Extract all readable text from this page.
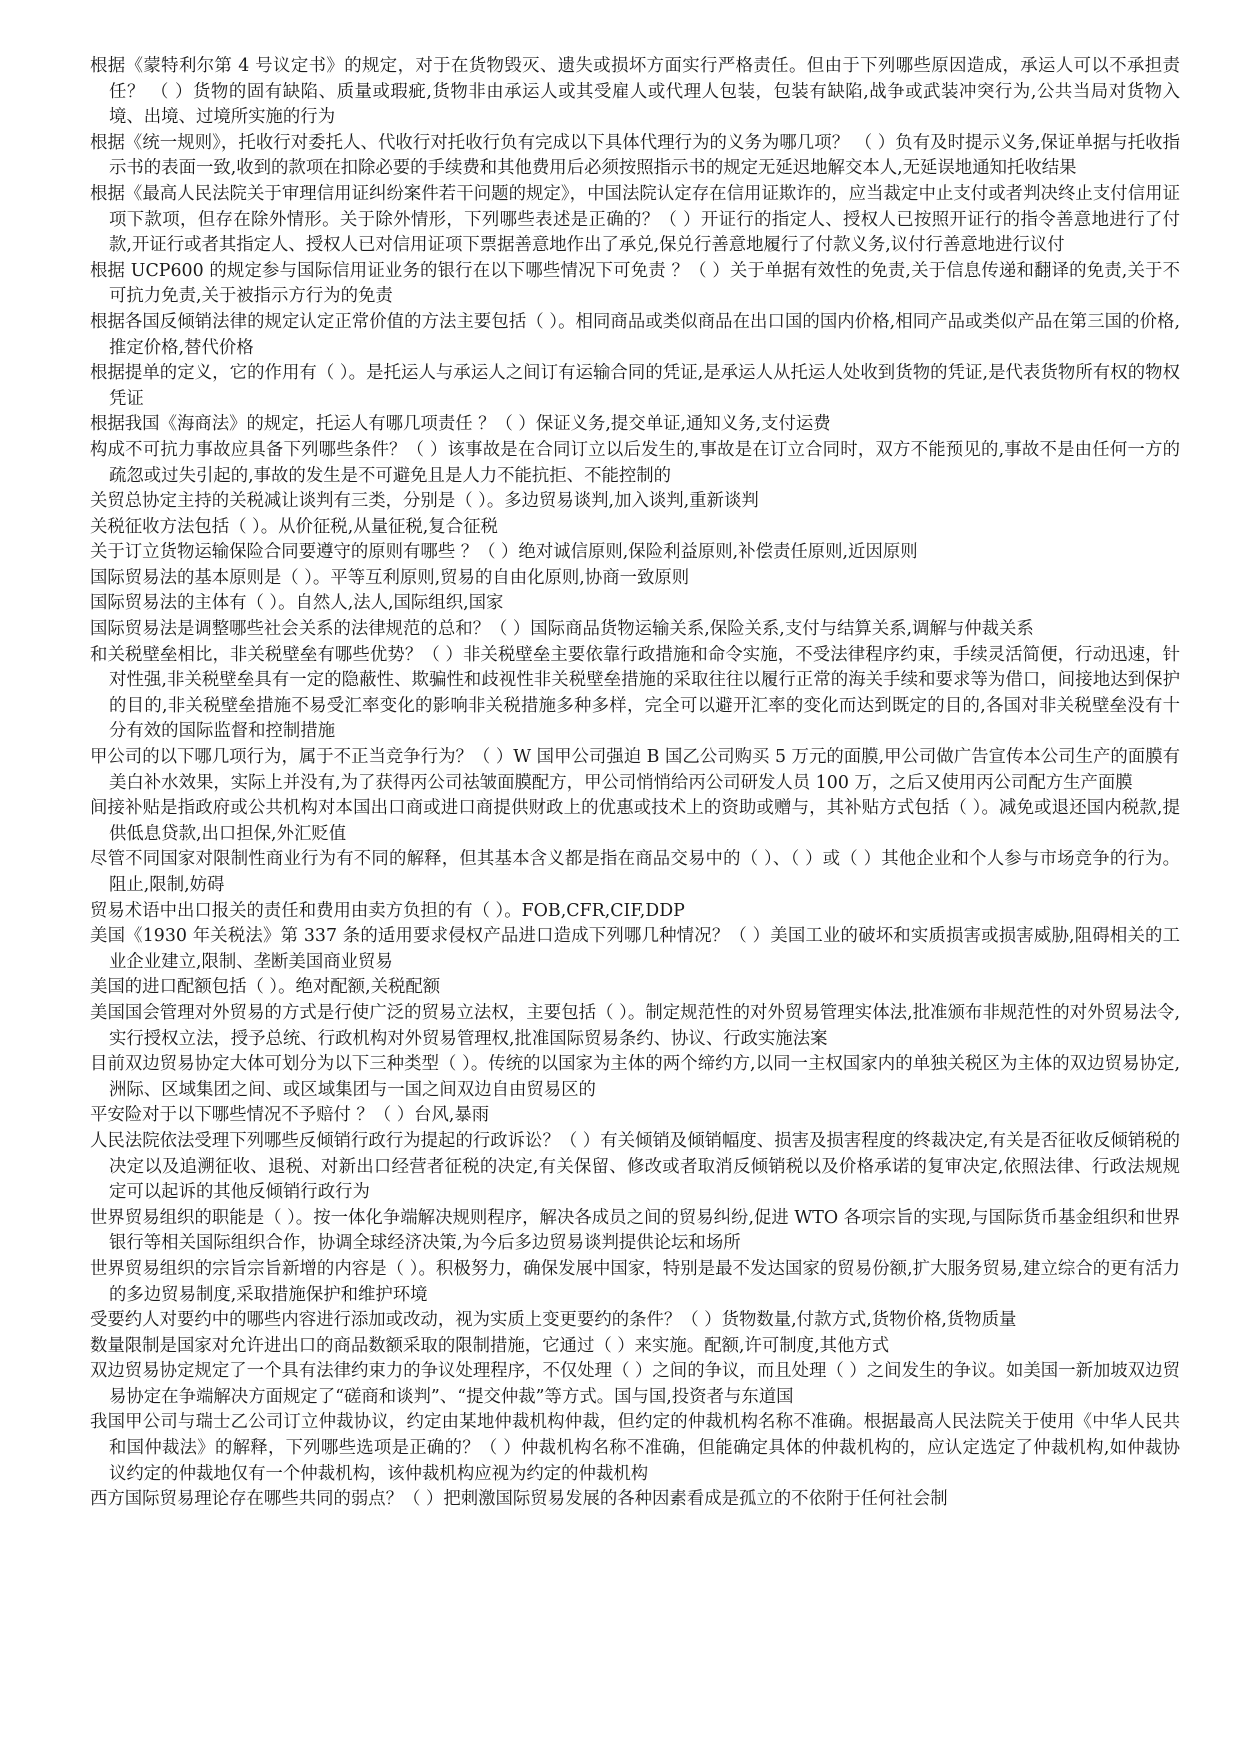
根据《蒙特利尔第 4 号议定书》的规定，对于在货物毁灭、遗失或损坏方面实行严格责任。但由于下列哪些原因造成，承运人可以不承担责任？ （ ）货物的固有缺陷、质量或瑕疵,货物非由承运人或其受雇人或代理人包装，包装有缺陷,战争或武装冲突行为,公共当局对货物入境、出境、过境所实施的行为

根据《统一规则》，托收行对委托人、代收行对托收行负有完成以下具体代理行为的义务为哪几项？ （ ）负有及时提示义务,保证单据与托收指示书的表面一致,收到的款项在扣除必要的手续费和其他费用后必须按照指示书的规定无延迟地解交本人,无延误地通知托收结果

根据《最高人民法院关于审理信用证纠纷案件若干问题的规定》，中国法院认定存在信用证欺诈的，应当裁定中止支付或者判决终止支付信用证项下款项，但存在除外情形。关于除外情形，下列哪些表述是正确的？（ ）开证行的指定人、授权人已按照开证行的指令善意地进行了付款,开证行或者其指定人、授权人已对信用证项下票据善意地作出了承兑,保兑行善意地履行了付款义务,议付行善意地进行议付

根据 UCP600 的规定参与国际信用证业务的银行在以下哪些情况下可免责 ？（ ）关于单据有效性的免责,关于信息传递和翻译的免责,关于不可抗力免责,关于被指示方行为的免责

根据各国反倾销法律的规定认定正常价值的方法主要包括（ ）。相同商品或类似商品在出口国的国内价格,相同产品或类似产品在第三国的价格,推定价格,替代价格

根据提单的定义，它的作用有（ ）。是托运人与承运人之间订有运输合同的凭证,是承运人从托运人处收到货物的凭证,是代表货物所有权的物权凭证

根据我国《海商法》的规定，托运人有哪几项责任 ？（ ）保证义务,提交单证,通知义务,支付运费

构成不可抗力事故应具备下列哪些条件？（ ）该事故是在合同订立以后发生的,事故是在订立合同时，双方不能预见的,事故不是由任何一方的疏忽或过失引起的,事故的发生是不可避免且是人力不能抗拒、不能控制的

关贸总协定主持的关税减让谈判有三类，分别是（ ）。多边贸易谈判,加入谈判,重新谈判

关税征收方法包括（ ）。从价征税,从量征税,复合征税

关于订立货物运输保险合同要遵守的原则有哪些 ？（ ）绝对诚信原则,保险利益原则,补偿责任原则,近因原则

国际贸易法的基本原则是（ ）。平等互利原则,贸易的自由化原则,协商一致原则

国际贸易法的主体有（ ）。自然人,法人,国际组织,国家

国际贸易法是调整哪些社会关系的法律规范的总和？（ ）国际商品货物运输关系,保险关系,支付与结算关系,调解与仲裁关系

和关税壁垒相比，非关税壁垒有哪些优势？（ ）非关税壁垒主要依靠行政措施和命令实施，不受法律程序约束，手续灵活简便，行动迅速，针对性强,非关税壁垒具有一定的隐蔽性、欺骗性和歧视性非关税壁垒措施的采取往往以履行正常的海关手续和要求等为借口，间接地达到保护的目的,非关税壁垒措施不易受汇率变化的影响非关税措施多种多样，完全可以避开汇率的变化而达到既定的目的,各国对非关税壁垒没有十分有效的国际监督和控制措施

甲公司的以下哪几项行为，属于不正当竞争行为？（ ）W 国甲公司强迫 B 国乙公司购买 5 万元的面膜,甲公司做广告宣传本公司生产的面膜有美白补水效果，实际上并没有,为了获得丙公司祛皱面膜配方，甲公司悄悄给丙公司研发人员 100 万，之后又使用丙公司配方生产面膜

间接补贴是指政府或公共机构对本国出口商或进口商提供财政上的优惠或技术上的资助或赠与，其补贴方式包括（ ）。减免或退还国内税款,提供低息贷款,出口担保,外汇贬值

尽管不同国家对限制性商业行为有不同的解释，但其基本含义都是指在商品交易中的（ ）、（ ）或（ ）其他企业和个人参与市场竞争的行为。阻止,限制,妨碍

贸易术语中出口报关的责任和费用由卖方负担的有（ ）。FOB,CFR,CIF,DDP

美国《1930 年关税法》第 337 条的适用要求侵权产品进口造成下列哪几种情况？（ ）美国工业的破坏和实质损害或损害威胁,阻碍相关的工业企业建立,限制、垄断美国商业贸易

美国的进口配额包括（ ）。绝对配额,关税配额

美国国会管理对外贸易的方式是行使广泛的贸易立法权，主要包括（ ）。制定规范性的对外贸易管理实体法,批准颁布非规范性的对外贸易法令,实行授权立法，授予总统、行政机构对外贸易管理权,批准国际贸易条约、协议、行政实施法案

目前双边贸易协定大体可划分为以下三种类型（ ）。传统的以国家为主体的两个缔约方,以同一主权国家内的单独关税区为主体的双边贸易协定,洲际、区域集团之间、或区域集团与一国之间双边自由贸易区的

平安险对于以下哪些情况不予赔付 ？（ ）台风,暴雨

人民法院依法受理下列哪些反倾销行政行为提起的行政诉讼？（ ）有关倾销及倾销幅度、损害及损害程度的终裁决定,有关是否征收反倾销税的决定以及追溯征收、退税、对新出口经营者征税的决定,有关保留、修改或者取消反倾销税以及价格承诺的复审决定,依照法律、行政法规规定可以起诉的其他反倾销行政行为

世界贸易组织的职能是（ ）。按一体化争端解决规则程序，解决各成员之间的贸易纠纷,促进 WTO 各项宗旨的实现,与国际货币基金组织和世界银行等相关国际组织合作，协调全球经济决策,为今后多边贸易谈判提供论坛和场所

世界贸易组织的宗旨宗旨新增的内容是（ ）。积极努力，确保发展中国家，特别是最不发达国家的贸易份额,扩大服务贸易,建立综合的更有活力的多边贸易制度,采取措施保护和维护环境

受要约人对要约中的哪些内容进行添加或改动，视为实质上变更要约的条件？（ ）货物数量,付款方式,货物价格,货物质量

数量限制是国家对允许进出口的商品数额采取的限制措施，它通过（ ）来实施。配额,许可制度,其他方式

双边贸易协定规定了一个具有法律约束力的争议处理程序，不仅处理（ ）之间的争议，而且处理（ ）之间发生的争议。如美国一新加坡双边贸易协定在争端解决方面规定了“磋商和谈判”、“提交仲裁”等方式。国与国,投资者与东道国

我国甲公司与瑞士乙公司订立仲裁协议，约定由某地仲裁机构仲裁，但约定的仲裁机构名称不准确。根据最高人民法院关于使用《中华人民共和国仲裁法》的解释，下列哪些选项是正确的？（ ）仲裁机构名称不准确，但能确定具体的仲裁机构的，应认定选定了仲裁机构,如仲裁协议约定的仲裁地仅有一个仲裁机构，该仲裁机构应视为约定的仲裁机构

西方国际贸易理论存在哪些共同的弱点？（ ）把刺激国际贸易发展的各种因素看成是孤立的不依附于任何社会制
